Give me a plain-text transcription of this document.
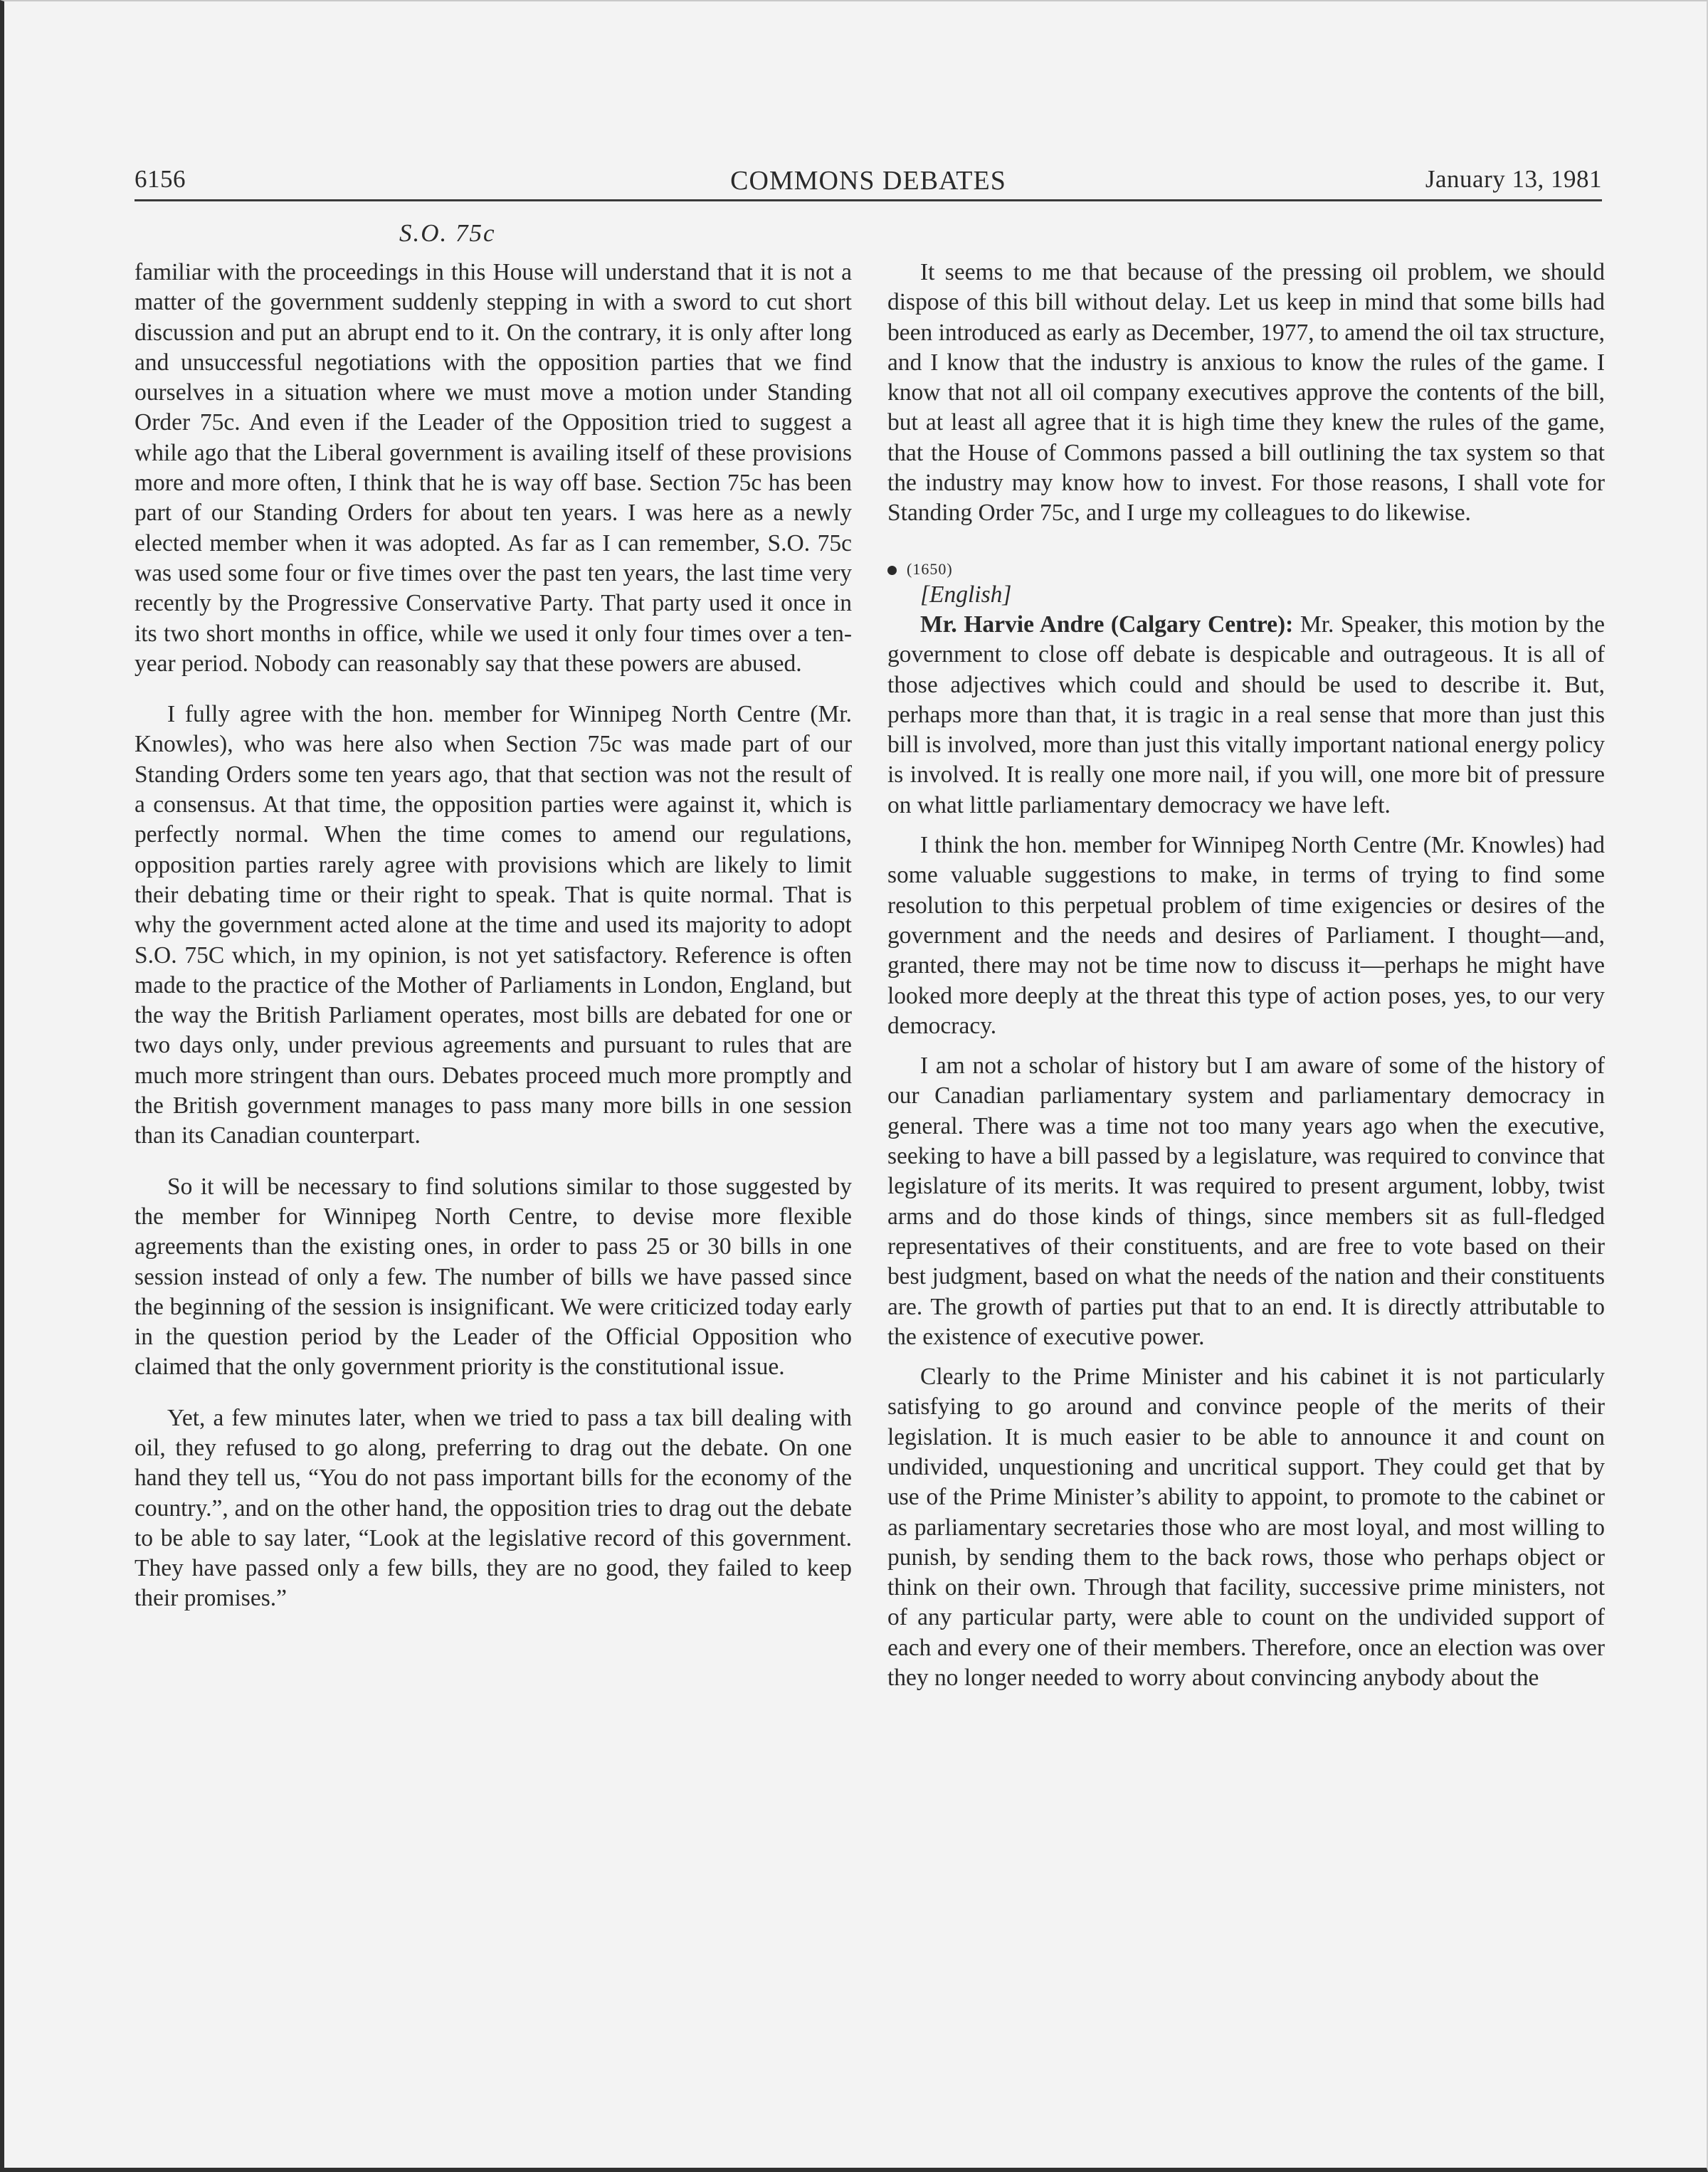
6156	COMMONS DEBATES	January 13, 1981
S.O. 75c

familiar with the proceedings in this House will understand that it is not a matter of the government suddenly stepping in with a sword to cut short discussion and put an abrupt end to it. On the contrary, it is only after long and unsuccessful negotiations with the opposition parties that we find ourselves in a situation where we must move a motion under Standing Order 75c. And even if the Leader of the Opposition tried to suggest a while ago that the Liberal government is availing itself of these provisions more and more often, I think that he is way off base. Section 75c has been part of our Standing Orders for about ten years. I was here as a newly elected member when it was adopted. As far as I can remember, S.O. 75c was used some four or five times over the past ten years, the last time very recently by the Progressive Conservative Party. That party used it once in its two short months in office, while we used it only four times over a ten-year period. Nobody can reasonably say that these powers are abused.

I fully agree with the hon. member for Winnipeg North Centre (Mr. Knowles), who was here also when Section 75c was made part of our Standing Orders some ten years ago, that that section was not the result of a consensus. At that time, the opposition parties were against it, which is perfectly normal. When the time comes to amend our regulations, opposition parties rarely agree with provisions which are likely to limit their debating time or their right to speak. That is quite normal. That is why the government acted alone at the time and used its majority to adopt S.O. 75C which, in my opinion, is not yet satisfactory. Reference is often made to the practice of the Mother of Parliaments in London, England, but the way the British Parliament operates, most bills are debated for one or two days only, under previous agreements and pursuant to rules that are much more stringent than ours. Debates proceed much more promptly and the British government manages to pass many more bills in one session than its Canadian counterpart.

So it will be necessary to find solutions similar to those suggested by the member for Winnipeg North Centre, to devise more flexible agreements than the existing ones, in order to pass 25 or 30 bills in one session instead of only a few. The number of bills we have passed since the beginning of the session is insignificant. We were criticized today early in the question period by the Leader of the Official Opposition who claimed that the only government priority is the constitutional issue.

Yet, a few minutes later, when we tried to pass a tax bill dealing with oil, they refused to go along, preferring to drag out the debate. On one hand they tell us, “You do not pass important bills for the economy of the country.”, and on the other hand, the opposition tries to drag out the debate to be able to say later, “Look at the legislative record of this government. They have passed only a few bills, they are no good, they failed to keep their promises.”

It seems to me that because of the pressing oil problem, we should dispose of this bill without delay. Let us keep in mind that some bills had been introduced as early as December, 1977, to amend the oil tax structure, and I know that the industry is anxious to know the rules of the game. I know that not all oil company executives approve the contents of the bill, but at least all agree that it is high time they knew the rules of the game, that the House of Commons passed a bill outlining the tax system so that the industry may know how to invest. For those reasons, I shall vote for Standing Order 75c, and I urge my colleagues to do likewise.

(1650)

[English]

Mr. Harvie Andre (Calgary Centre): Mr. Speaker, this motion by the government to close off debate is despicable and outrageous. It is all of those adjectives which could and should be used to describe it. But, perhaps more than that, it is tragic in a real sense that more than just this bill is involved, more than just this vitally important national energy policy is involved. It is really one more nail, if you will, one more bit of pressure on what little parliamentary democracy we have left.

I think the hon. member for Winnipeg North Centre (Mr. Knowles) had some valuable suggestions to make, in terms of trying to find some resolution to this perpetual problem of time exigencies or desires of the government and the needs and desires of Parliament. I thought—and, granted, there may not be time now to discuss it—perhaps he might have looked more deeply at the threat this type of action poses, yes, to our very democracy.

I am not a scholar of history but I am aware of some of the history of our Canadian parliamentary system and parliamentary democracy in general. There was a time not too many years ago when the executive, seeking to have a bill passed by a legislature, was required to convince that legislature of its merits. It was required to present argument, lobby, twist arms and do those kinds of things, since members sit as full-fledged representatives of their constituents, and are free to vote based on their best judgment, based on what the needs of the nation and their constituents are. The growth of parties put that to an end. It is directly attributable to the existence of executive power.

Clearly to the Prime Minister and his cabinet it is not particularly satisfying to go around and convince people of the merits of their legislation. It is much easier to be able to announce it and count on undivided, unquestioning and uncritical support. They could get that by use of the Prime Minister’s ability to appoint, to promote to the cabinet or as parliamentary secretaries those who are most loyal, and most willing to punish, by sending them to the back rows, those who perhaps object or think on their own. Through that facility, successive prime ministers, not of any particular party, were able to count on the undivided support of each and every one of their members. Therefore, once an election was over they no longer needed to worry about convincing anybody about the
